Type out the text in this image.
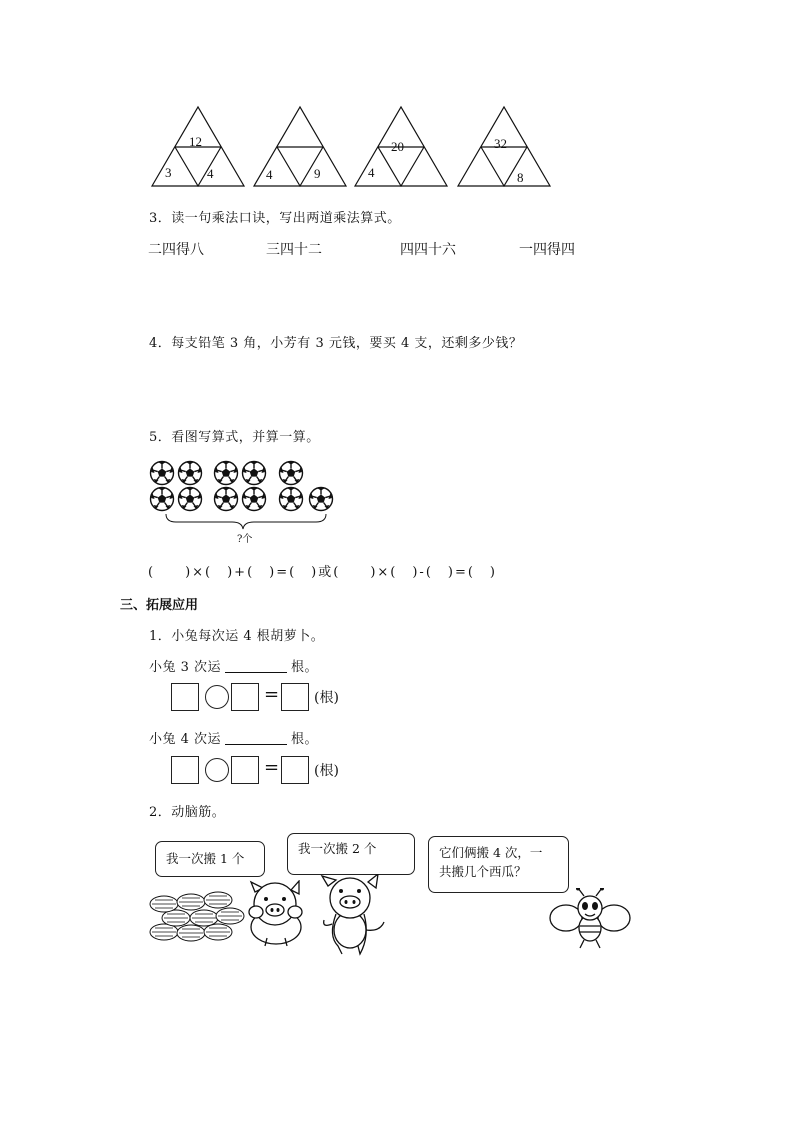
12
3	4	4	9
20
4
32
8
3．读一句乘法口诀，写出两道乘法算式。
二四得八	三四十二	四四十六	一四得四
4．每支铅笔 3 角，小芳有 3 元钱，要买 4 支，还剩多少钱？
5．看图写算式，并算一算。
?个
(　　)×(　)+(　)=(　)或(　　)×(　)-(　)=(　)
三、拓展应用
1．小兔每次运 4 根胡萝卜。
小兔 3 次运	根。
= (根)
小兔 4 次运	根。
= (根)
2．动脑筋。
我一次搬 1 个
我一次搬 2 个	它们俩搬 4 次，一
共搬几个西瓜？
